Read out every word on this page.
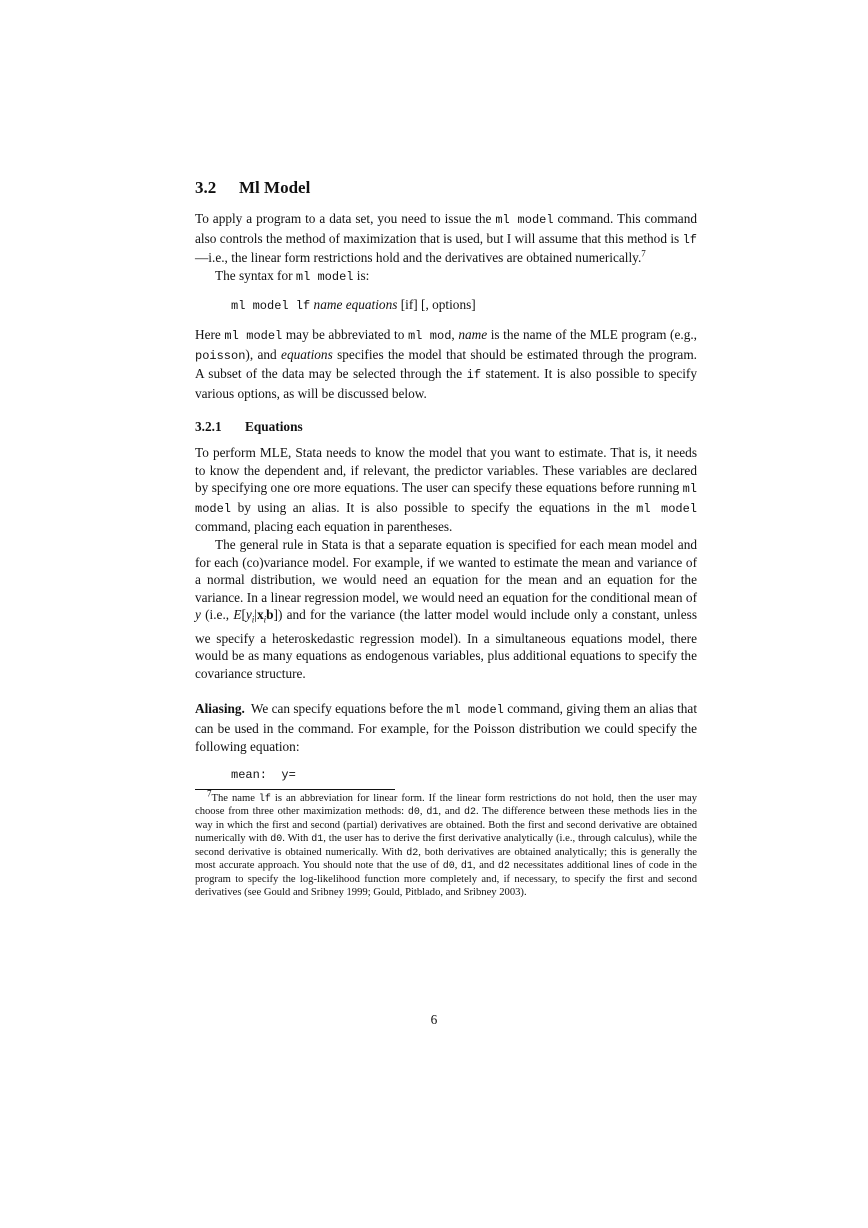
3.2 Ml Model

To apply a program to a data set, you need to issue the ml model command. This command also controls the method of maximization that is used, but I will assume that this method is lf—i.e., the linear form restrictions hold and the derivatives are obtained numerically.$^7$

The syntax for ml model is:

ml model lf name equations [if] [, options]

Here ml model may be abbreviated to ml mod, name is the name of the MLE program (e.g., poisson), and equations specifies the model that should be estimated through the program. A subset of the data may be selected through the if statement. It is also possible to specify various options, as will be discussed below.

3.2.1 Equations

To perform MLE, Stata needs to know the model that you want to estimate. That is, it needs to know the dependent and, if relevant, the predictor variables. These variables are declared by specifying one ore more equations. The user can specify these equations before running ml model by using an alias. It is also possible to specify the equations in the ml model command, placing each equation in parentheses.

The general rule in Stata is that a separate equation is specified for each mean model and for each (co)variance model. For example, if we wanted to estimate the mean and variance of a normal distribution, we would need an equation for the mean and an equation for the variance. In a linear regression model, we would need an equation for the conditional mean of y (i.e., $E[y_i|x_ib]$) and for the variance (the latter model would include only a constant, unless we specify a heteroskedastic regression model). In a simultaneous equations model, there would be as many equations as endogenous variables, plus additional equations to specify the covariance structure.

Aliasing. We can specify equations before the ml model command, giving them an alias that can be used in the command. For example, for the Poisson distribution we could specify the following equation:

mean:  y=

$^7$The name lf is an abbreviation for linear form. If the linear form restrictions do not hold, then the user may choose from three other maximization methods: d0, d1, and d2. The difference between these methods lies in the way in which the first and second (partial) derivatives are obtained. Both the first and second derivative are obtained numerically with d0. With d1, the user has to derive the first derivative analytically (i.e., through calculus), while the second derivative is obtained numerically. With d2, both derivatives are obtained analytically; this is generally the most accurate approach. You should note that the use of d0, d1, and d2 necessitates additional lines of code in the program to specify the log-likelihood function more completely and, if necessary, to specify the first and second derivatives (see Gould and Sribney 1999; Gould, Pitblado, and Sribney 2003).

6
